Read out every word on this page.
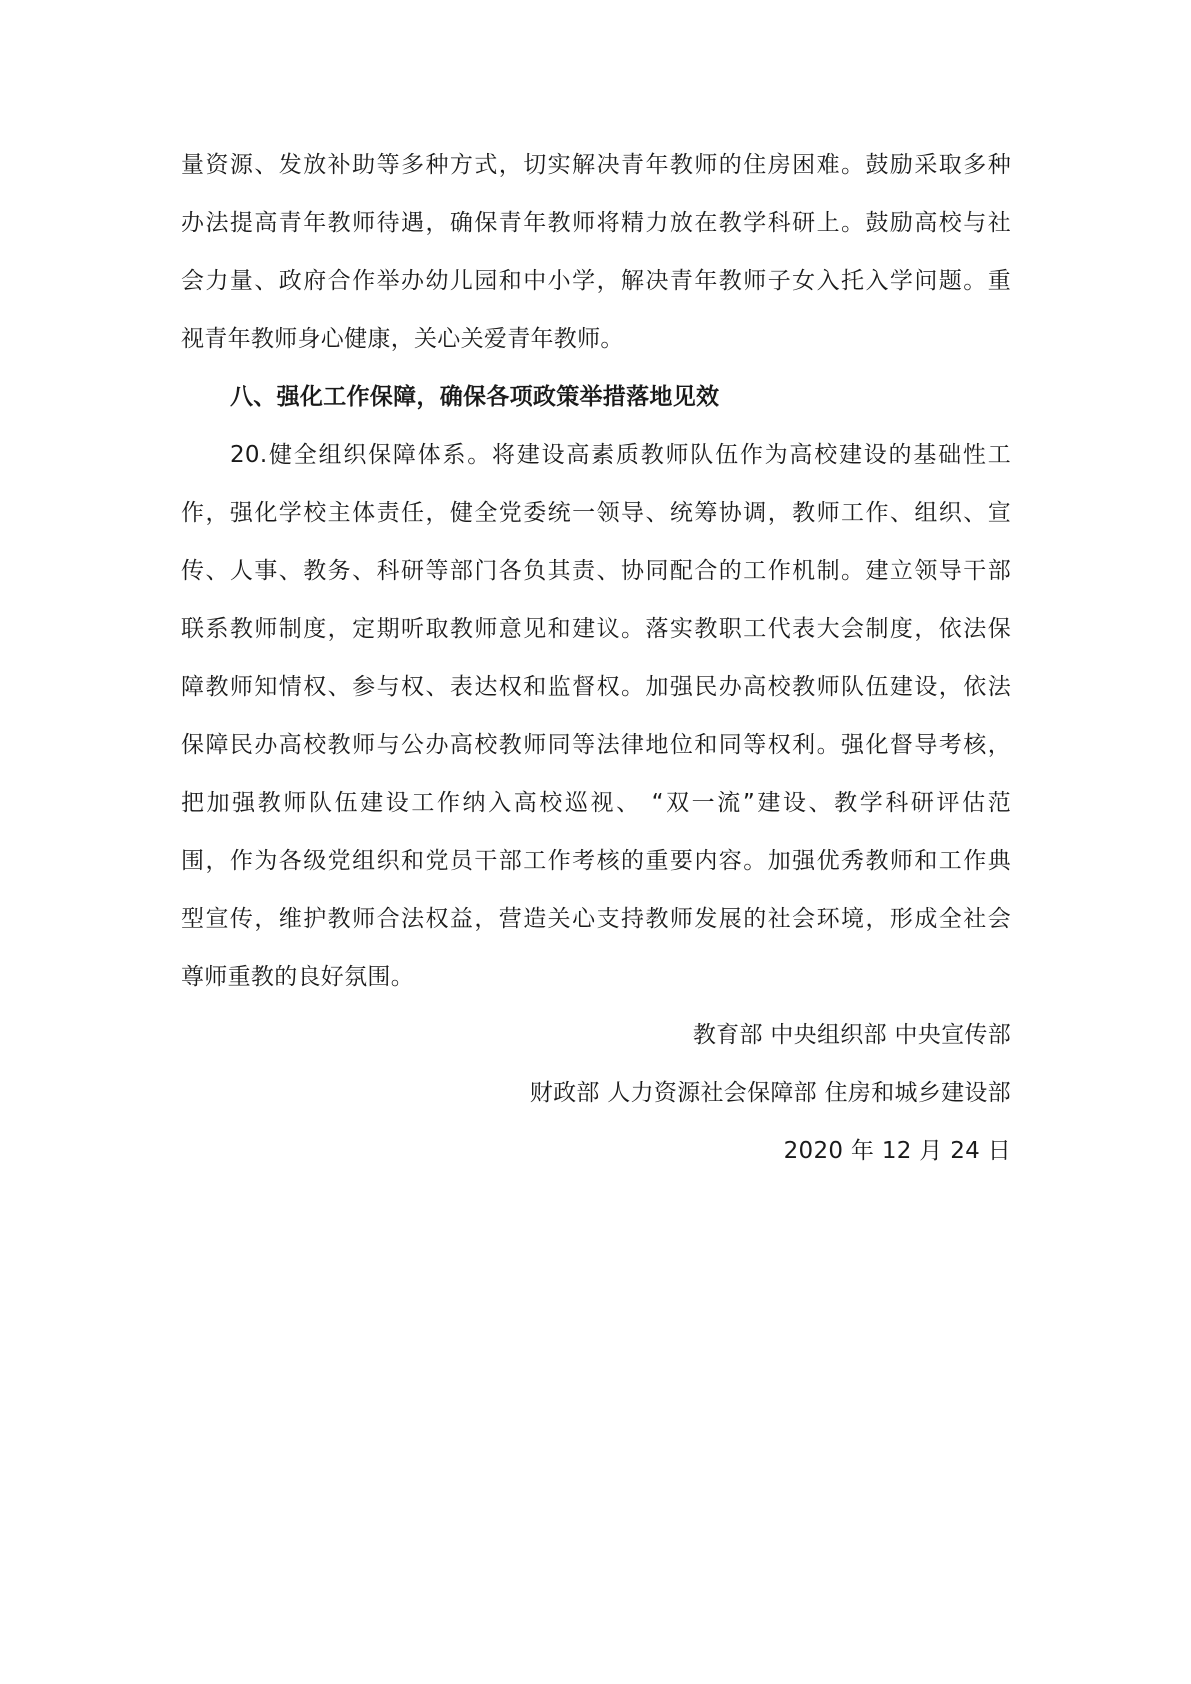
量资源、发放补助等多种方式，切实解决青年教师的住房困难。鼓励采取多种
办法提高青年教师待遇，确保青年教师将精力放在教学科研上。鼓励高校与社
会力量、政府合作举办幼儿园和中小学，解决青年教师子女入托入学问题。重
视青年教师身心健康，关心关爱青年教师。
八、强化工作保障，确保各项政策举措落地见效
20.健全组织保障体系。将建设高素质教师队伍作为高校建设的基础性工
作，强化学校主体责任，健全党委统一领导、统筹协调，教师工作、组织、宣
传、人事、教务、科研等部门各负其责、协同配合的工作机制。建立领导干部
联系教师制度，定期听取教师意见和建议。落实教职工代表大会制度，依法保
障教师知情权、参与权、表达权和监督权。加强民办高校教师队伍建设，依法
保障民办高校教师与公办高校教师同等法律地位和同等权利。强化督导考核，
把加强教师队伍建设工作纳入高校巡视、 “双一流”建设、教学科研评估范
围，作为各级党组织和党员干部工作考核的重要内容。加强优秀教师和工作典
型宣传，维护教师合法权益，营造关心支持教师发展的社会环境，形成全社会
尊师重教的良好氛围。
教育部 中央组织部 中央宣传部
财政部 人力资源社会保障部 住房和城乡建设部
2020 年 12 月 24 日
